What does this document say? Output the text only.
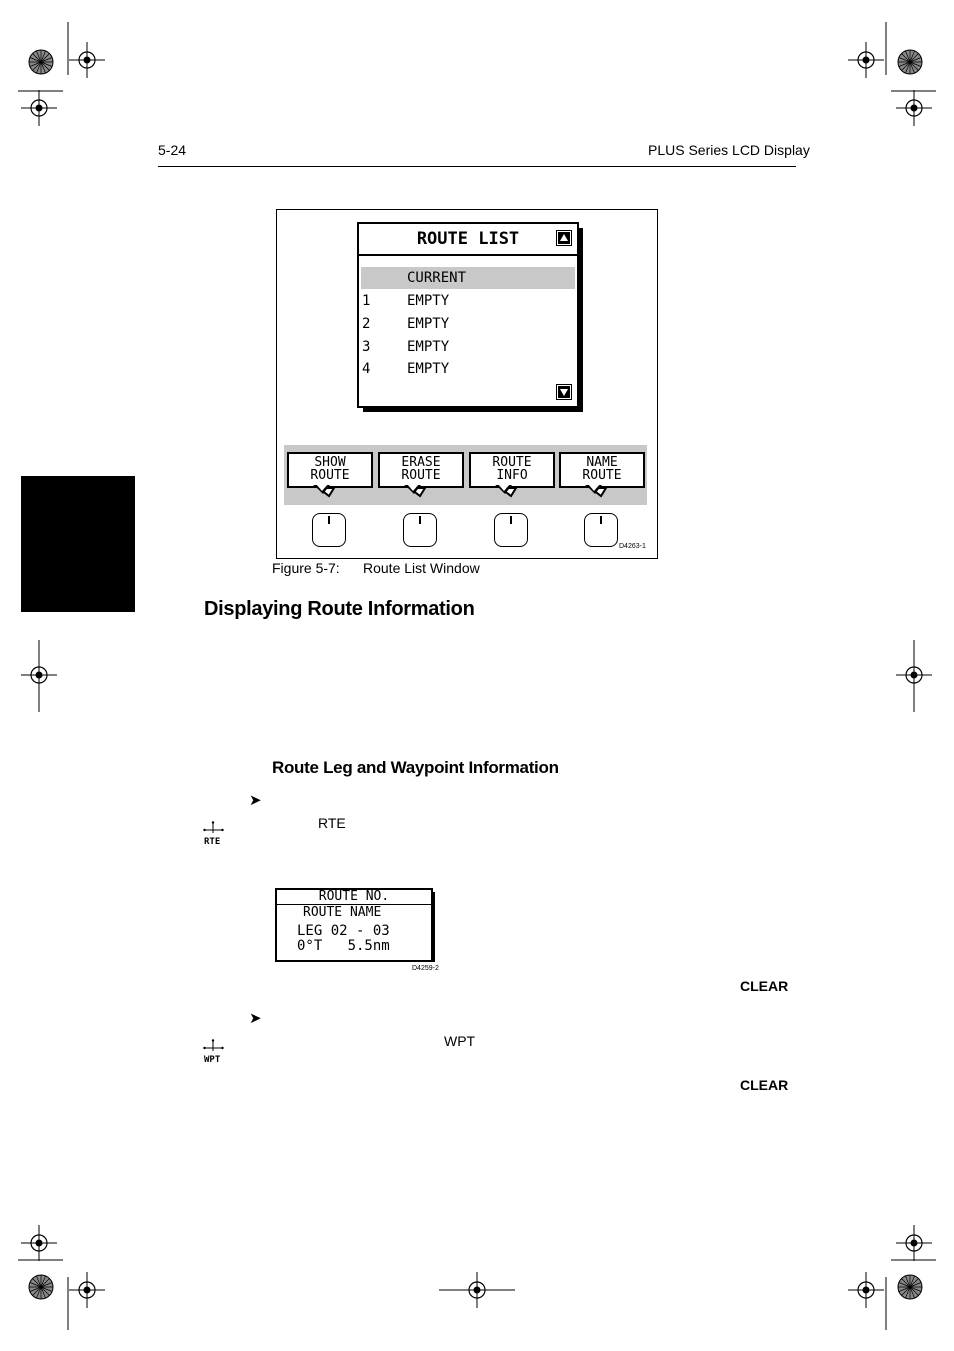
5-24	PLUS Series LCD Display
Displaying Route Information
ROUTE LIST
CURRENT
1	EMPTY
2	EMPTY
3	EMPTY
4	EMPTY
SHOW
ROUTE
ERASE
ROUTE
ROUTE
INFO
NAME
ROUTE
D4263-1
Figure 5-7: Route List Window
Displaying Route Information
Route Leg and Waypoint Information
➤
RTE
RTE
ROUTE NO.
ROUTE NAME
LEG 02 - 03
0°T   5.5nm
D4259-2
CLEAR
➤
WPT
WPT
CLEAR
